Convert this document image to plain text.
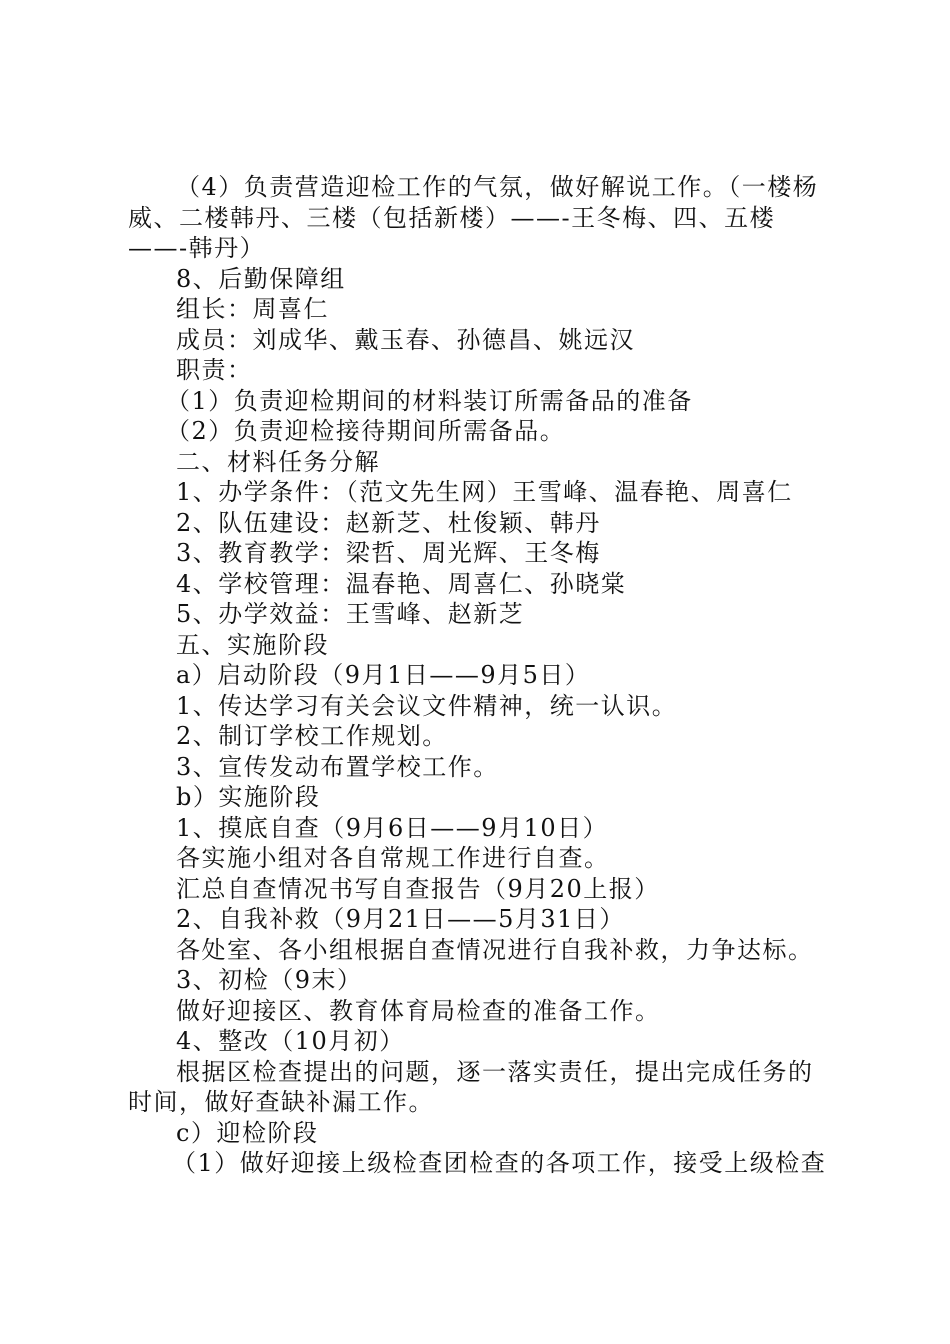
（4）负责营造迎检工作的气氛，做好解说工作。（一楼杨威、二楼韩丹、三楼（包括新楼）——-王冬梅、四、五楼——-韩丹）

8、后勤保障组

组长：周喜仁

成员：刘成华、戴玉春、孙德昌、姚远汉

职责：

（1）负责迎检期间的材料装订所需备品的准备

（2）负责迎检接待期间所需备品。

二、材料任务分解

1、办学条件：（范文先生网）王雪峰、温春艳、周喜仁

2、队伍建设：赵新芝、杜俊颖、韩丹

3、教育教学：梁哲、周光辉、王冬梅

4、学校管理：温春艳、周喜仁、孙晓棠

5、办学效益：王雪峰、赵新芝

五、实施阶段

a）启动阶段（9月1日——9月5日）

1、传达学习有关会议文件精神，统一认识。

2、制订学校工作规划。

3、宣传发动布置学校工作。

b）实施阶段

1、摸底自查（9月6日——9月10日）

各实施小组对各自常规工作进行自查。

汇总自查情况书写自查报告（9月20上报）

2、自我补救（9月21日——5月31日）

各处室、各小组根据自查情况进行自我补救，力争达标。

3、初检（9末）

做好迎接区、教育体育局检查的准备工作。

4、整改（10月初）

根据区检查提出的问题，逐一落实责任，提出完成任务的时间，做好查缺补漏工作。

c）迎检阶段

（1）做好迎接上级检查团检查的各项工作，接受上级检查
